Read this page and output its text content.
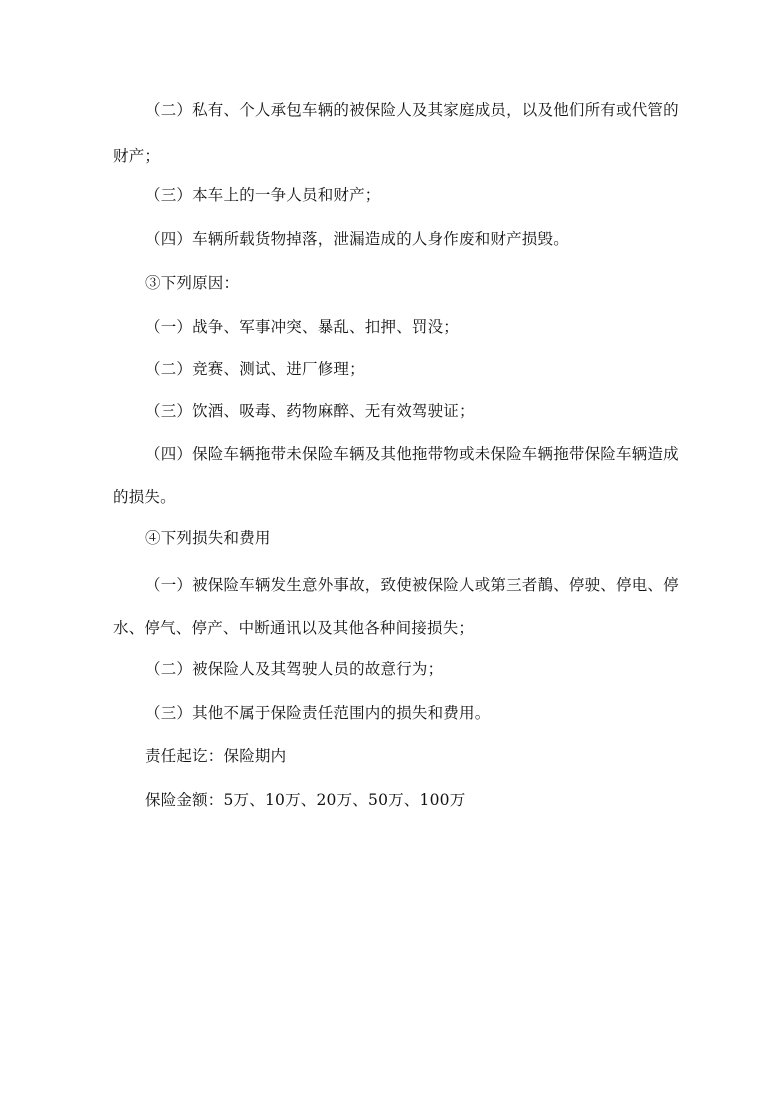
（二）私有、个人承包车辆的被保险人及其家庭成员，以及他们所有或代管的
财产；
（三）本车上的一争人员和财产；
（四）车辆所载货物掉落，泄漏造成的人身作废和财产损毁。
③下列原因：
（一）战争、军事冲突、暴乱、扣押、罚没；
（二）竞赛、测试、进厂修理；
（三）饮酒、吸毒、药物麻醉、无有效驾驶证；
（四）保险车辆拖带未保险车辆及其他拖带物或未保险车辆拖带保险车辆造成
的损失。
④下列损失和费用
（一）被保险车辆发生意外事故，致使被保险人或第三者鶄、停驶、停电、停
水、停气、停产、中断通讯以及其他各种间接损失；
（二）被保险人及其驾驶人员的故意行为；
（三）其他不属于保险责任范围内的损失和费用。
责任起讫：保险期内
保险金额：5万、10万、20万、50万、100万
